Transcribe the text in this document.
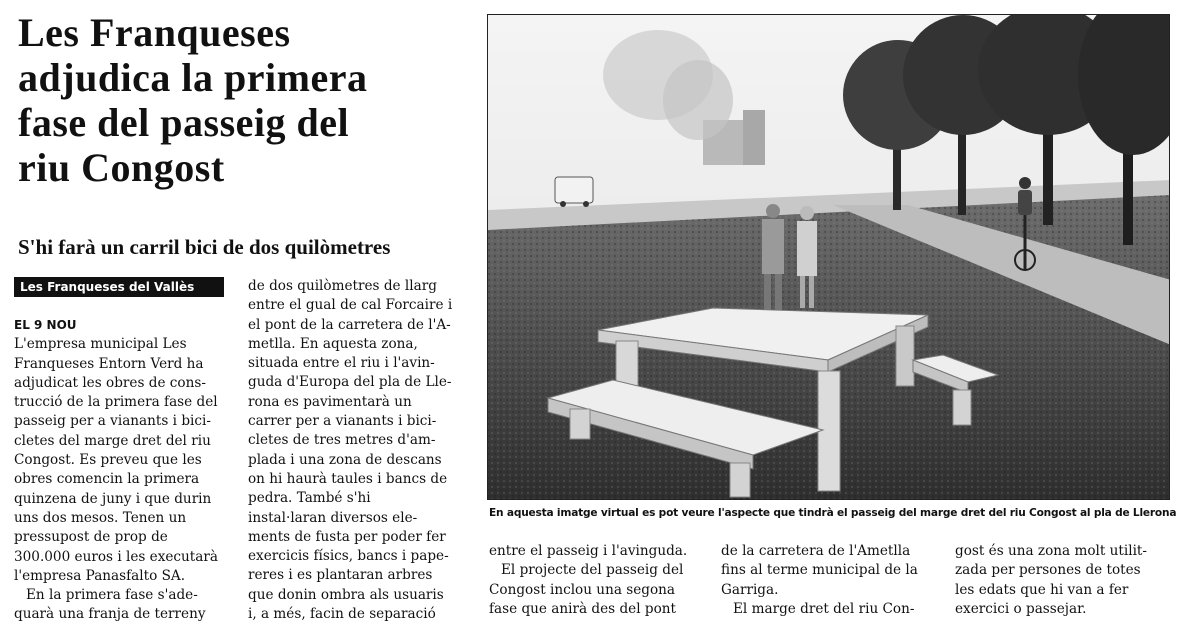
Les Franqueses
adjudica la primera
fase del passeig del
riu Congost
S'hi farà un carril bici de dos quilòmetres
Les Franqueses del Vallès
EL 9 NOU

L'empresa municipal Les
Franqueses Entorn Verd ha
adjudicat les obres de cons-
trucció de la primera fase del
passeig per a vianants i bici-
cletes del marge dret del riu
Congost. Es preveu que les
obres comencin la primera
quinzena de juny i que durin
uns dos mesos. Tenen un
pressupost de prop de
300.000 euros i les executarà
l'empresa Panasfalto SA.

En la primera fase s'ade-
quarà una franja de terreny

de dos quilòmetres de llarg
entre el gual de cal Forcaire i
el pont de la carretera de l'A-
metlla. En aquesta zona,
situada entre el riu i l'avin-
guda d'Europa del pla de Lle-
rona es pavimentarà un
carrer per a vianants i bici-
cletes de tres metres d'am-
plada i una zona de descans
on hi haurà taules i bancs de
pedra. També s'hi
instal·laran diversos ele-
ments de fusta per poder fer
exercicis físics, bancs i pape-
reres i es plantaran arbres
que donin ombra als usuaris
i, a més, facin de separació

En aquesta imatge virtual es pot veure l'aspecte que tindrà el passeig del marge dret del riu Congost al pla de Llerona

entre el passeig i l'avinguda.

El projecte del passeig del
Congost inclou una segona
fase que anirà des del pont

de la carretera de l'Ametlla
fins al terme municipal de la
Garriga.

El marge dret del riu Con-

gost és una zona molt utilit-
zada per persones de totes
les edats que hi van a fer
exercici o passejar.
